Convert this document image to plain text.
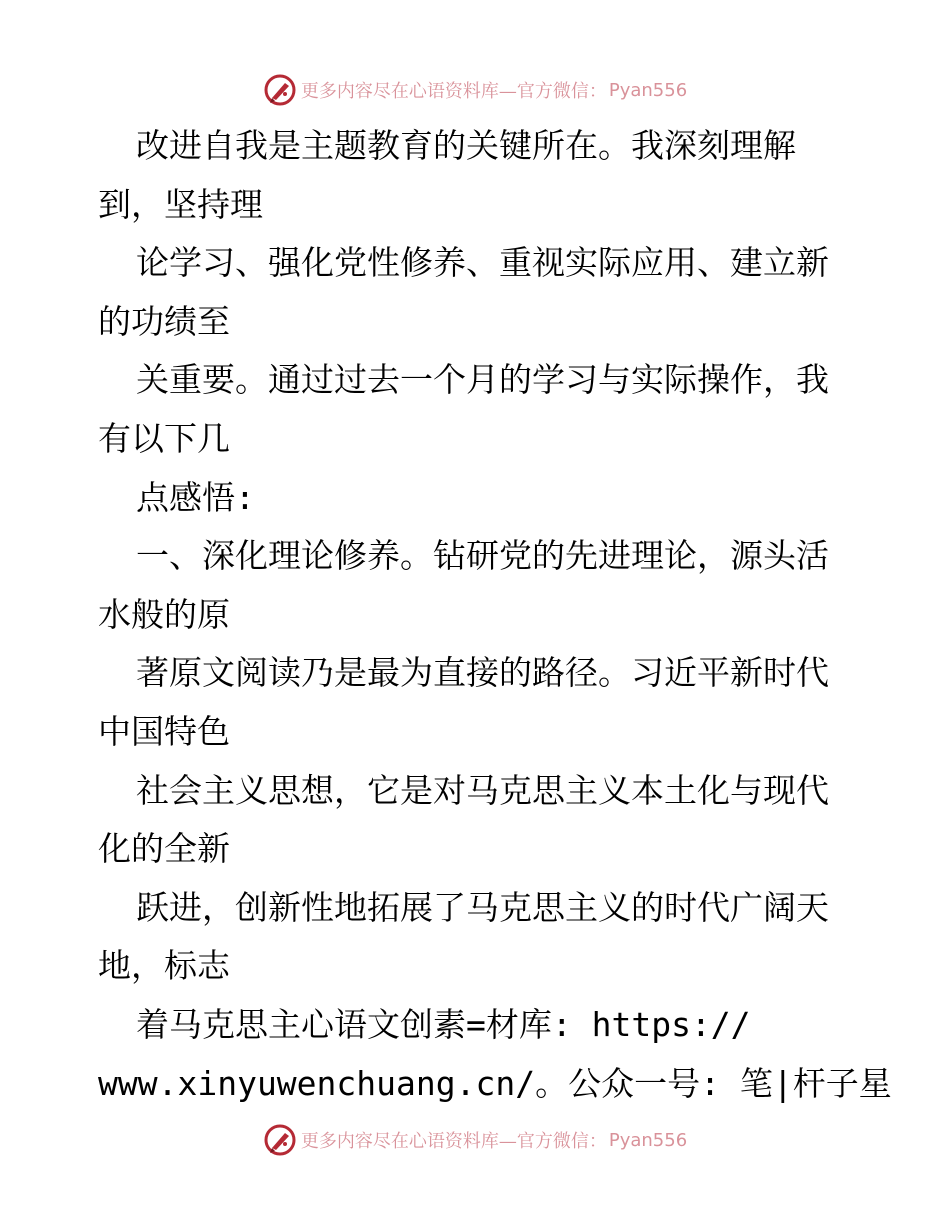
更多内容尽在心语资料库—官方微信： Pyan556
改进自我是主题教育的关键所在。我深刻理解
到，坚持理
论学习、强化党性修养、重视实际应用、建立新
的功绩至
关重要。通过过去一个月的学习与实际操作，我
有以下几
点感悟:
一、深化理论修养。钻研党的先进理论，源头活
水般的原
著原文阅读乃是最为直接的路径。习近平新时代
中国特色
社会主义思想，它是对马克思主义本土化与现代
化的全新
跃进，创新性地拓展了马克思主义的时代广阔天
地，标志
着马克思主心语文创素=材库: https://
www.xinyuwenchuang.cn/。公众一号: 笔|杆子星
更多内容尽在心语资料库—官方微信： Pyan556
